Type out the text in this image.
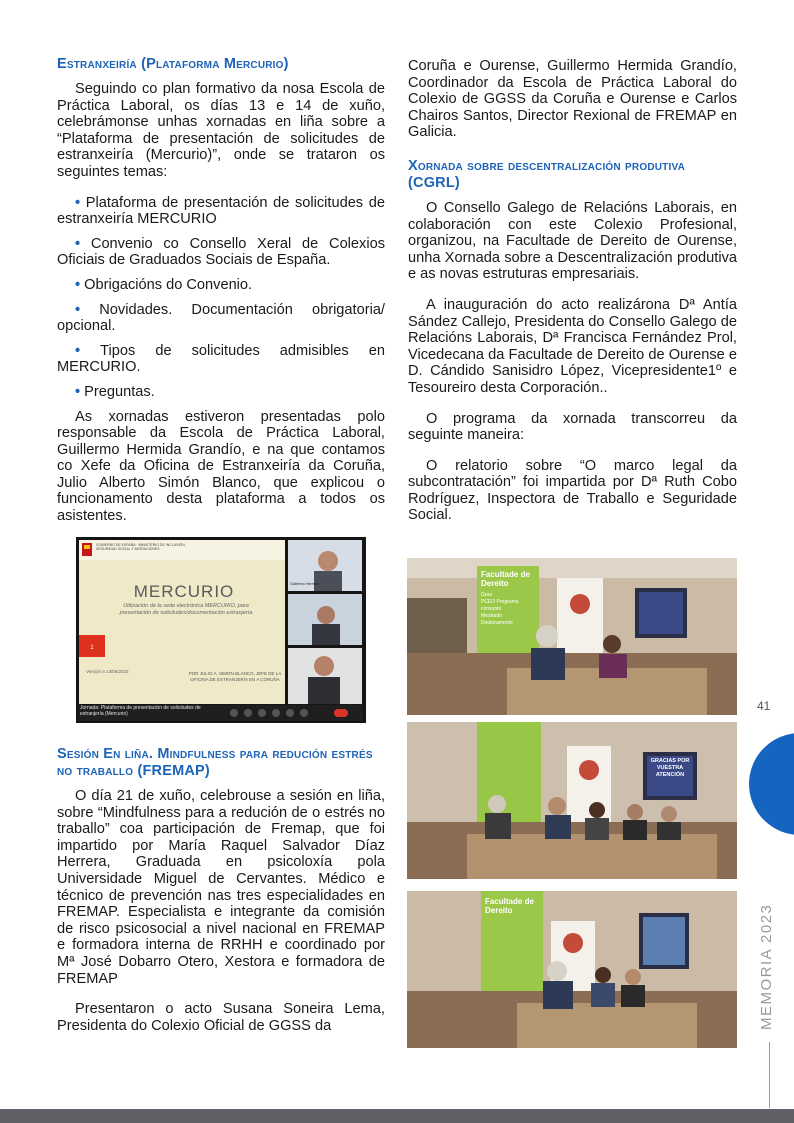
Estranxeiría (Plataforma Mercurio)

Seguindo co plan formativo da nosa Escola de Práctica Laboral, os días 13 e 14 de xuño, celebrámonse unhas xornadas en liña sobre a “Plataforma de presentación de solicitudes de estranxeiría (Mercurio)”, onde se trataron os seguintes temas:

• Plataforma de presentación de solicitudes de estranxeiría MERCURIO
• Convenio co Consello Xeral de Colexios Oficiais de Graduados Sociais de España.
• Obrigacións do Convenio.
• Novidades. Documentación obrigatoria/ opcional.
• Tipos de solicitudes admisibles en MERCURIO.
• Preguntas.

As xornadas estiveron presentadas polo responsable da Escola de Práctica Laboral, Guillermo Hermida Grandío, e na que contamos co Xefe da Oficina de Estranxeiría da Coruña, Julio Alberto Simón Blanco, que explicou o funcionamento desta plataforma a todos os asistentes.

1
MERCURIO
GOBIERNO DE ESPAÑA · MINISTERIO DE INCLUSIÓN, SEGURIDAD SOCIAL Y MIGRACIONES
Utilización de la sede electrónica MERCURIO, para presentación de solicitudes/documentación extranjería
Versión a 13/06/2023	POR JULIO A. SIMON BLANCO, JEFE DE LA OFICINA DE EXTRANJERÍA EN A CORUÑA
Guillermo Hermida
Jornada: Plataforma de presentación de solicitudes de extranjería (Mercurio)
Sesión En liña. Mindfulness para redución estrés no traballo (FREMAP)

O día 21 de xuño, celebrouse a sesión en liña, sobre “Mindfulness para a redución de o estrés no traballo” coa participación de Fremap, que foi impartido por María Raquel Salvador Díaz Herrera, Graduada en psicoloxía pola Universidade Miguel de Cervantes. Médico e técnico de prevención nas tres especialidades en FREMAP. Especialista e integrante da comisión de risco psicosocial a nivel nacional en FREMAP e formadora interna de RRHH e coordinado por Mª José Dobarro Otero, Xestora e formadora de FREMAP

Presentaron o acto Susana Soneira Lema, Presidenta do Colexio Oficial de GGSS da

Coruña e Ourense, Guillermo Hermida Grandío, Coordinador da Escola de Práctica Laboral do Colexio de GGSS da Coruña e Ourense e Carlos Chairos Santos, Director Rexional de FREMAP en Galicia.

Xornada sobre descentralización produtiva (CGRL)

O Consello Galego de Relacións Laborais, en colaboración con este Colexio Profesional, organizou, na Facultade de Dereito de Ourense, unha Xornada sobre a Descentralización produtiva e as novas estruturas empresariais.

A inauguración do acto realizárona Dª Antía Sández Callejo, Presidenta do Consello Galego de Relacións Laborais, Dª Francisca Fernández Prol, Vicedecana da Facultade de Dereito de Ourense e D. Cándido Sanisidro López, Vicepresidente1º e Tesoureiro desta Corporación..

O programa da xornada transcorreu da seguinte maneira:

O relatorio sobre “O marco legal da subcontratación” foi impartida por Dª Ruth Cobo Rodríguez, Inspectora de Traballo e Seguridade Social.

Facultade de Dereito
Grao
PCEO Programa conxunto
Mestrado
Doutoramento
GRACIAS POR VUESTRA ATENCIÓN
Facultade de Dereito
41
MEMORIA 2023
